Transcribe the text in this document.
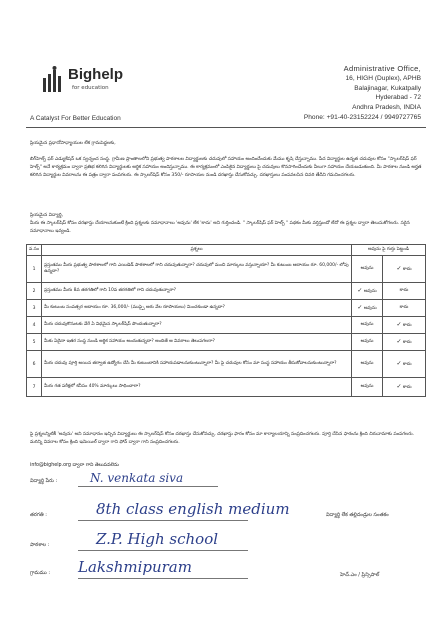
Bighelp
for education
A Catalyst For Better Education
Administrative Office,
16, HIGH (Duplex), APHB
Balajinagar, Kukatpally
Hyderabad - 72
Andhra Pradesh, INDIA
Phone: +91-40-23152224 / 9949727765
ప్రియమైన ప్రధానోపాధ్యాయుల లేక గ్రామపెద్దలకు,
బిగ్‌హెల్ప్ ఫర్ ఎడ్యుకేషన్ ఒక స్వచ్ఛంద సంస్థ. గ్రామీణ ప్రాంతాలలోని ప్రభుత్వ పాఠశాలల విద్యార్థులకు చదువులో సహాయం అందించేందుకు మేము కృషి చేస్తున్నాము. పేద విద్యార్థుల ఉన్నత చదువుల కోసం "స్కాలర్‌షిప్ ఫర్ హెల్ప్" అనే కార్యక్రమం ద్వారా ప్రతిభ కలిగిన విద్యార్థులకు ఆర్థిక సహాయం అందిస్తున్నాము. ఈ కార్యక్రమంలో ఎంపికైన విద్యార్థులు పై చదువులు కొనసాగించేందుకు వీలుగా సహాయం చేయబడుతుంది. మీ పాఠశాల నుండి అర్హత కలిగిన విద్యార్థుల వివరాలను ఈ పత్రం ద్వారా పంపగలరు. ఈ స్కాలర్‌షిప్ కోసం 350/- రూపాయల నుండి దరఖాస్తు చేసుకోవచ్చు. దరఖాస్తులు పంపవలసిన చివరి తేదీని గమనించగలరు.
ప్రియమైన విద్యార్థి,
మీరు ఈ స్కాలర్‌షిప్ కోసం దరఖాస్తు చేయాలనుకుంటే క్రింది ప్రశ్నలకు సమాధానాలు 'అవును' లేక 'కాదు' అని గుర్తించండి. " స్కాలర్‌షిప్ ఫర్ హెల్ప్ " పథకం మీకు వర్తిస్తుందో లేదో ఈ ప్రశ్నల ద్వారా తెలుసుకోగలరు. సరైన సమాధానాలు ఇవ్వండి.
వ.సం	ప్రశ్నలు	అవును పై గుర్తు పెట్టండి	
1	ప్రస్తుతము మీరు ప్రభుత్వ పాఠశాలలో గాని ఎయిడెడ్ పాఠశాలలో గాని చదువుతున్నారా? చదువులో మంచి మార్కులు వస్తున్నాయా? మీ కుటుంబ ఆదాయం రూ. 60,000/- లోపు ఉన్నదా?	అవును	✓ కాదు
2	ప్రస్తుతము మీరు 8వ తరగతిలో గాని 10వ తరగతిలో గాని చదువుతున్నారా?	✓ అవును	కాదు
3	మీ కుటుంబ సంవత్సర ఆదాయం రూ. 36,000/- (ముప్పై ఆరు వేల రూపాయలు) మించకుండా ఉన్నదా?	✓ అవును	కాదు
4	మీరు చదువుకొనుటకు వేరే ఏ విధమైన స్కాలర్‌షిప్ పొందుతున్నారా?	అవును	✓ కాదు
5	మీకు ఏదైనా ఇతర సంస్థ నుండి ఆర్థిక సహాయం అందుతున్నదా? అందితే ఆ వివరాలు తెలుపగలరా?	అవును	✓ కాదు
6	మీరు చదువు పూర్తి అయిన తర్వాత ఉద్యోగం చేసి మీ కుటుంబానికి సహాయపడాలనుకుంటున్నారా? మీ పై చదువుల కోసం మా సంస్థ సహాయం తీసుకోవాలనుకుంటున్నారా?	అవును	✓ కాదు
7	మీరు గత పరీక్షలో కనీసం 40% మార్కులు సాధించారా?	అవును	✓ కాదు
పై ప్రశ్నలన్నిటికీ 'అవును' అని సమాధానం ఇచ్చిన విద్యార్థులు ఈ స్కాలర్‌షిప్ కోసం దరఖాస్తు చేసుకోవచ్చు. దరఖాస్తు ఫారం కోసం మా కార్యాలయాన్ని సంప్రదించగలరు. పూర్తి చేసిన ఫారంను క్రింది చిరునామాకు పంపగలరు. మరిన్ని వివరాల కోసం క్రింది ఇమెయిల్ ద్వారా గాని ఫోన్ ద్వారా గాని సంప్రదించగలరు.
info@bighelp.org ద్వారా గాని తెలుపవలెను
విద్యార్థి పేరు :	N. venkata siva
తరగతి :	8th class english medium
పాఠశాల :	Z.P. High school
గ్రామము : Lakshmipuram
విద్యార్థి లేక తల్లిదండ్రుల సంతకం
హెచ్.ఎం / ప్రిన్సిపాల్
